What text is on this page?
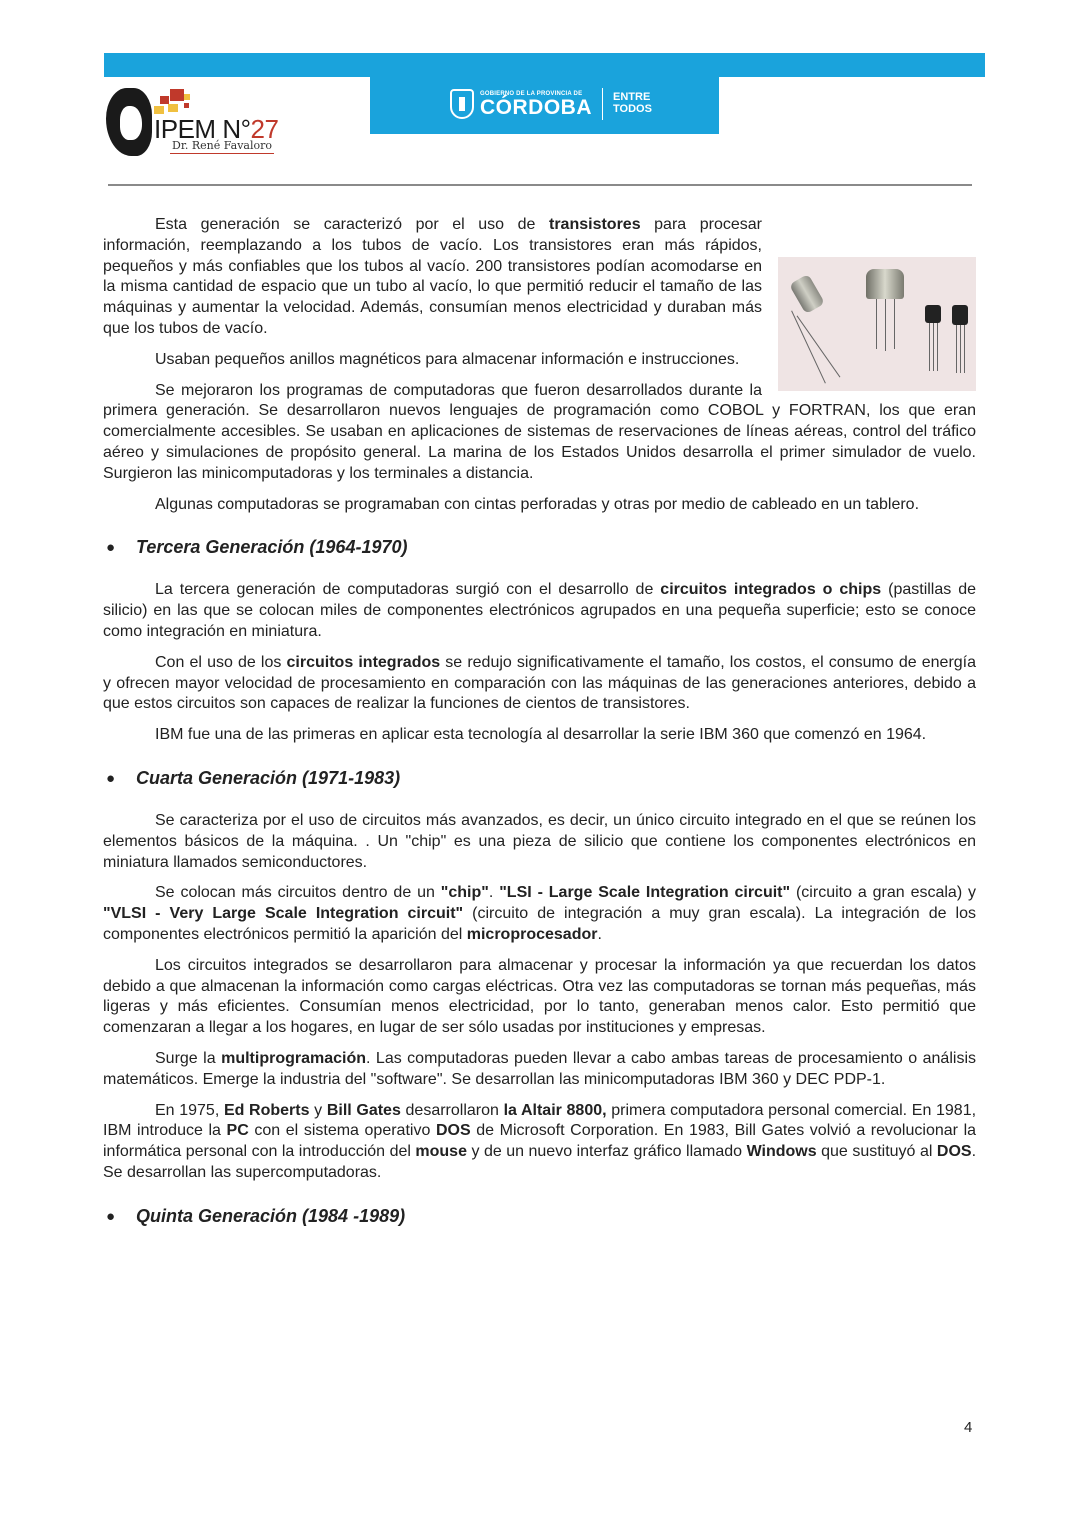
GOBIERNO DE LA PROVINCIA DE
CÓRDOBA ENTRE
TODOS
IPEM N°27
Dr. René Favaloro

Esta generación se caracterizó por el uso de transistores para procesar información, reemplazando a los tubos de vacío. Los transistores eran más rápidos, pequeños y más confiables que los tubos al vacío. 200 transistores podían acomodarse en la misma cantidad de espacio que un tubo al vacío, lo que permitió reducir el tamaño de las máquinas y aumentar la velocidad. Además, consumían menos electricidad y duraban más que los tubos de vacío.

Usaban pequeños anillos magnéticos para almacenar información e instrucciones.

Se mejoraron los programas de computadoras que fueron desarrollados durante la primera generación. Se desarrollaron nuevos lenguajes de programación como COBOL y FORTRAN, los que eran comercialmente accesibles. Se usaban en aplicaciones de sistemas de reservaciones de líneas aéreas, control del tráfico aéreo y simulaciones de propósito general. La marina de los Estados Unidos desarrolla el primer simulador de vuelo. Surgieron las minicomputadoras y los terminales a distancia.

Algunas computadoras se programaban con cintas perforadas y otras por medio de cableado en un tablero.

●	Tercera Generación (1964-1970)

La tercera generación de computadoras surgió con el desarrollo de circuitos integrados o chips (pastillas de silicio) en las que se colocan miles de componentes electrónicos agrupados en una pequeña superficie; esto se conoce como integración en miniatura.

Con el uso de los circuitos integrados se redujo significativamente el tamaño, los costos, el consumo de energía y ofrecen mayor velocidad de procesamiento en comparación con las máquinas de las generaciones anteriores, debido a que estos circuitos son capaces de realizar la funciones de cientos de transistores.

IBM fue una de las primeras en aplicar esta tecnología al desarrollar la serie IBM 360 que comenzó en 1964.

●	Cuarta Generación (1971-1983)

Se caracteriza por el uso de circuitos más avanzados, es decir, un único circuito integrado en el que se reúnen los elementos básicos de la máquina. . Un "chip" es una pieza de silicio que contiene los componentes electrónicos en miniatura llamados semiconductores.

Se colocan más circuitos dentro de un "chip". "LSI - Large Scale Integration circuit" (circuito a gran escala) y "VLSI - Very Large Scale Integration circuit" (circuito de integración a muy gran escala). La integración de los componentes electrónicos permitió la aparición del microprocesador.

Los circuitos integrados se desarrollaron para almacenar y procesar la información ya que recuerdan los datos debido a que almacenan la información como cargas eléctricas. Otra vez las computadoras se tornan más pequeñas, más ligeras y más eficientes. Consumían menos electricidad, por lo tanto, generaban menos calor. Esto permitió que comenzaran a llegar a los hogares, en lugar de ser sólo usadas por instituciones y empresas.

Surge la multiprogramación. Las computadoras pueden llevar a cabo ambas tareas de procesamiento o análisis matemáticos. Emerge la industria del "software". Se desarrollan las minicomputadoras IBM 360 y DEC PDP-1.

En 1975, Ed Roberts y Bill Gates desarrollaron la Altair 8800, primera computadora personal comercial. En 1981, IBM introduce la PC con el sistema operativo DOS de Microsoft Corporation. En 1983, Bill Gates volvió a revolucionar la informática personal con la introducción del mouse y de un nuevo interfaz gráfico llamado Windows que sustituyó al DOS. Se desarrollan las supercomputadoras.

●	Quinta Generación (1984 -1989)
4
